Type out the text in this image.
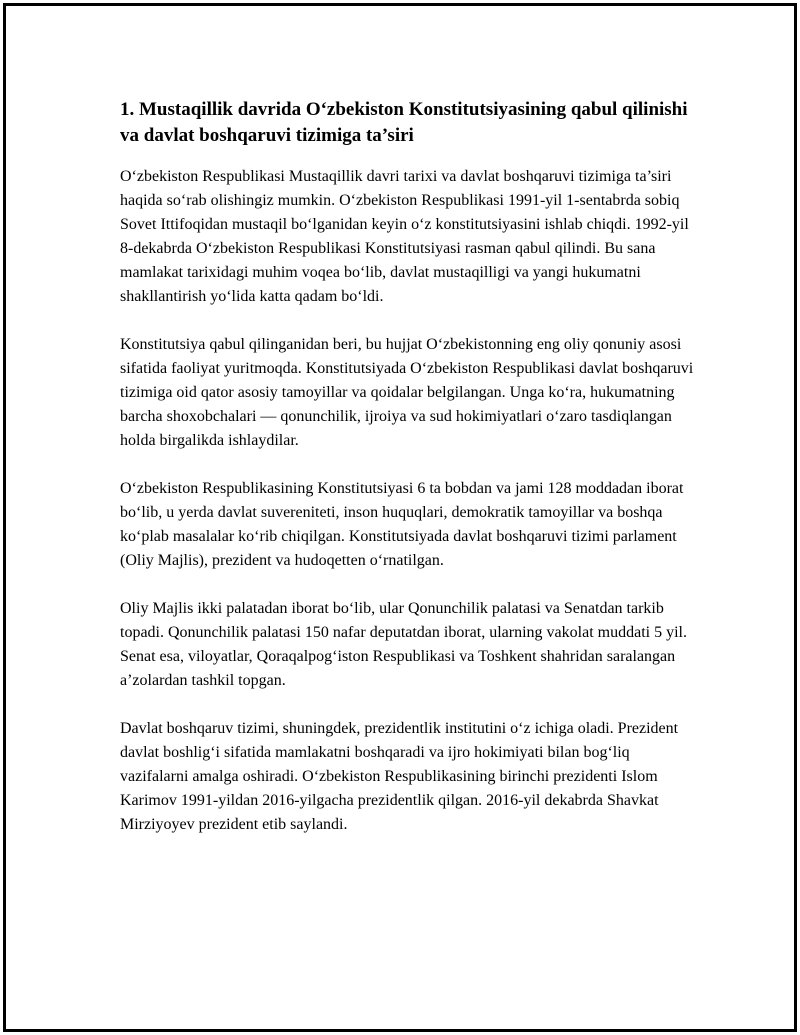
1. Mustaqillik davrida O‘zbekiston Konstitutsiyasining qabul qilinishi va davlat boshqaruvi tizimiga ta’siri

O‘zbekiston Respublikasi Mustaqillik davri tarixi va davlat boshqaruvi tizimiga ta’siri haqida so‘rab olishingiz mumkin. O‘zbekiston Respublikasi 1991-yil 1-sentabrda sobiq Sovet Ittifoqidan mustaqil bo‘lganidan keyin o‘z konstitutsiyasini ishlab chiqdi. 1992-yil 8-dekabrda O‘zbekiston Respublikasi Konstitutsiyasi rasman qabul qilindi. Bu sana mamlakat tarixidagi muhim voqea bo‘lib, davlat mustaqilligi va yangi hukumatni shakllantirish yo‘lida katta qadam bo‘ldi.

Konstitutsiya qabul qilinganidan beri, bu hujjat O‘zbekistonning eng oliy qonuniy asosi sifatida faoliyat yuritmoqda. Konstitutsiyada O‘zbekiston Respublikasi davlat boshqaruvi tizimiga oid qator asosiy tamoyillar va qoidalar belgilangan. Unga ko‘ra, hukumatning barcha shoxobchalari — qonunchilik, ijroiya va sud hokimiyatlari o‘zaro tasdiqlangan holda birgalikda ishlaydilar.

O‘zbekiston Respublikasining Konstitutsiyasi 6 ta bobdan va jami 128 moddadan iborat bo‘lib, u yerda davlat suvereniteti, inson huquqlari, demokratik tamoyillar va boshqa ko‘plab masalalar ko‘rib chiqilgan. Konstitutsiyada davlat boshqaruvi tizimi parlament (Oliy Majlis), prezident va hudoqetten o‘rnatilgan.

Oliy Majlis ikki palatadan iborat bo‘lib, ular Qonunchilik palatasi va Senatdan tarkib topadi. Qonunchilik palatasi 150 nafar deputatdan iborat, ularning vakolat muddati 5 yil. Senat esa, viloyatlar, Qoraqalpog‘iston Respublikasi va Toshkent shahridan saralangan a’zolardan tashkil topgan.

Davlat boshqaruv tizimi, shuningdek, prezidentlik institutini o‘z ichiga oladi. Prezident davlat boshlig‘i sifatida mamlakatni boshqaradi va ijro hokimiyati bilan bog‘liq vazifalarni amalga oshiradi. O‘zbekiston Respublikasining birinchi prezidenti Islom Karimov 1991-yildan 2016-yilgacha prezidentlik qilgan. 2016-yil dekabrda Shavkat Mirziyoyev prezident etib saylandi.
